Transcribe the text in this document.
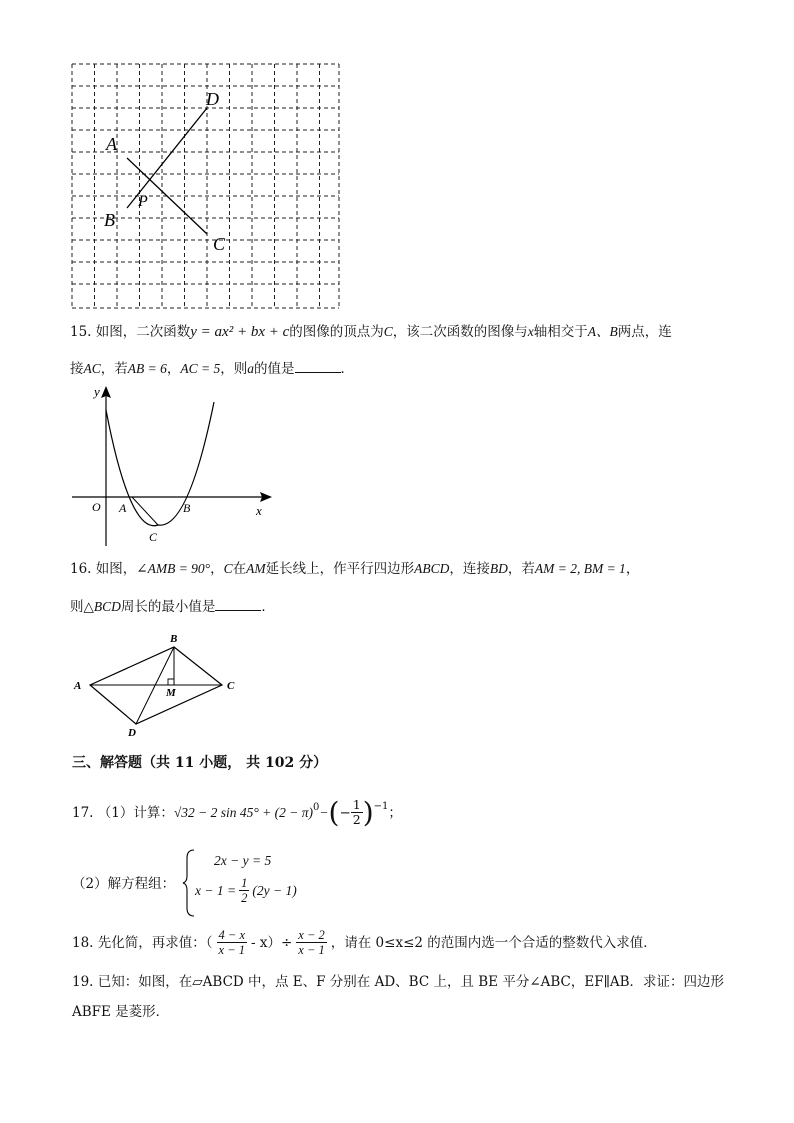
D
A
P
B
C
15. 如图，二次函数y = ax² + bx + c的图像的顶点为C，该二次函数的图像与x轴相交于A、B两点，连
接AC，若AB = 6，AC = 5，则a的值是	．
y
x
O A	B
C
16. 如图，∠AMB = 90°，C在AM延长线上，作平行四边形ABCD，连接BD，若AM = 2, BM = 1，
则△BCD周长的最小值是	．
A
B
C
D
M
三、解答题（共 11 小题， 共 102 分）
17. （1）计算： √32 − 2 $\sin 45^\circ + (2 - \pi)^0$ − ( − $\frac{1}{2} )^{-1}$ ；
（2）解方程组：
2x − y = 5
$x - 1 = \frac{1}{2} (2y - 1)$
18. 先化简，再求值：（ $\frac{4 - x}{x - 1} - x)\div \frac{x - 2}{x - 1}$ ，请在 0≤x≤2 的范围内选一个合适的整数代入求值．
19. 已知：如图，在▱ABCD 中，点 E、F 分别在 AD、BC 上，且 BE 平分∠ABC，EF∥AB．求证：四边形
ABFE 是菱形．
